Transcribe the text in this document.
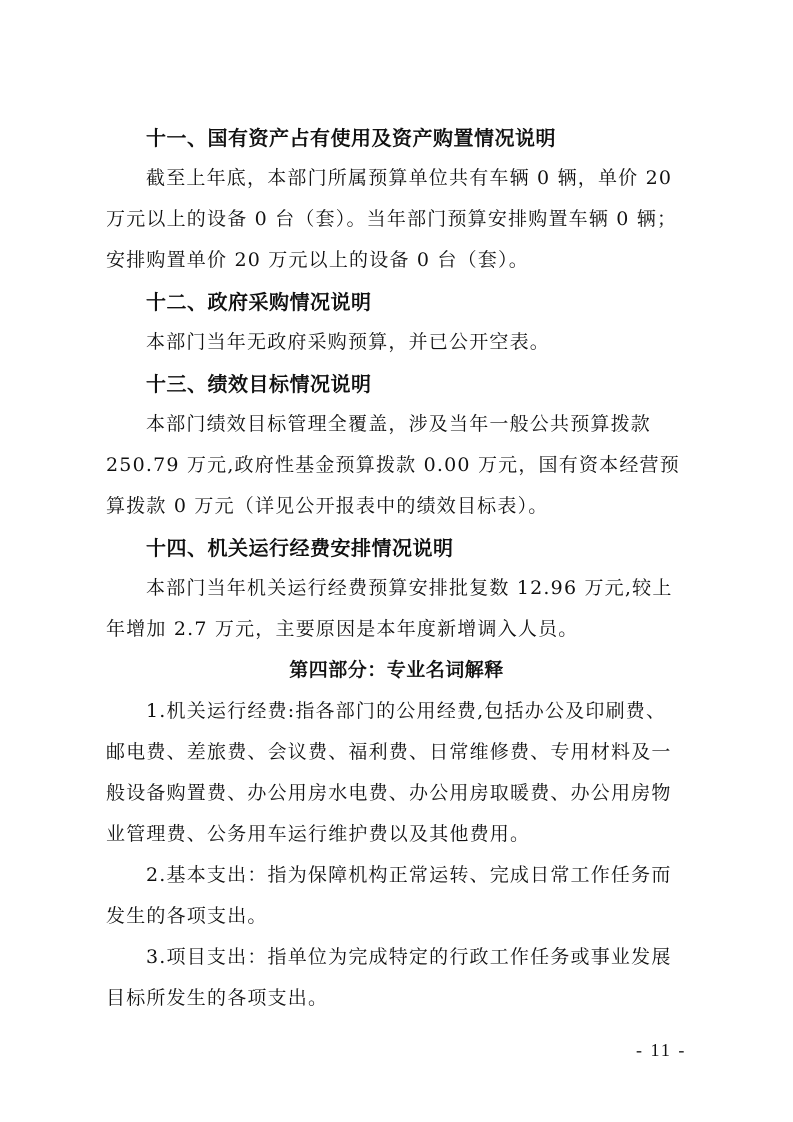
十一、国有资产占有使用及资产购置情况说明
截至上年底，本部门所属预算单位共有车辆 0 辆，单价 20
万元以上的设备 0 台（套）。当年部门预算安排购置车辆 0 辆；
安排购置单价 20 万元以上的设备 0 台（套）。
十二、政府采购情况说明
本部门当年无政府采购预算，并已公开空表。
十三、绩效目标情况说明
本部门绩效目标管理全覆盖，涉及当年一般公共预算拨款
250.79 万元,政府性基金预算拨款 0.00 万元，国有资本经营预
算拨款 0 万元（详见公开报表中的绩效目标表）。
十四、机关运行经费安排情况说明
本部门当年机关运行经费预算安排批复数 12.96 万元,较上
年增加 2.7 万元，主要原因是本年度新增调入人员。
第四部分：专业名词解释
1.机关运行经费:指各部门的公用经费,包括办公及印刷费、
邮电费、差旅费、会议费、福利费、日常维修费、专用材料及一
般设备购置费、办公用房水电费、办公用房取暖费、办公用房物
业管理费、公务用车运行维护费以及其他费用。
2.基本支出：指为保障机构正常运转、完成日常工作任务而
发生的各项支出。
3.项目支出：指单位为完成特定的行政工作任务或事业发展
目标所发生的各项支出。
- 11 -
